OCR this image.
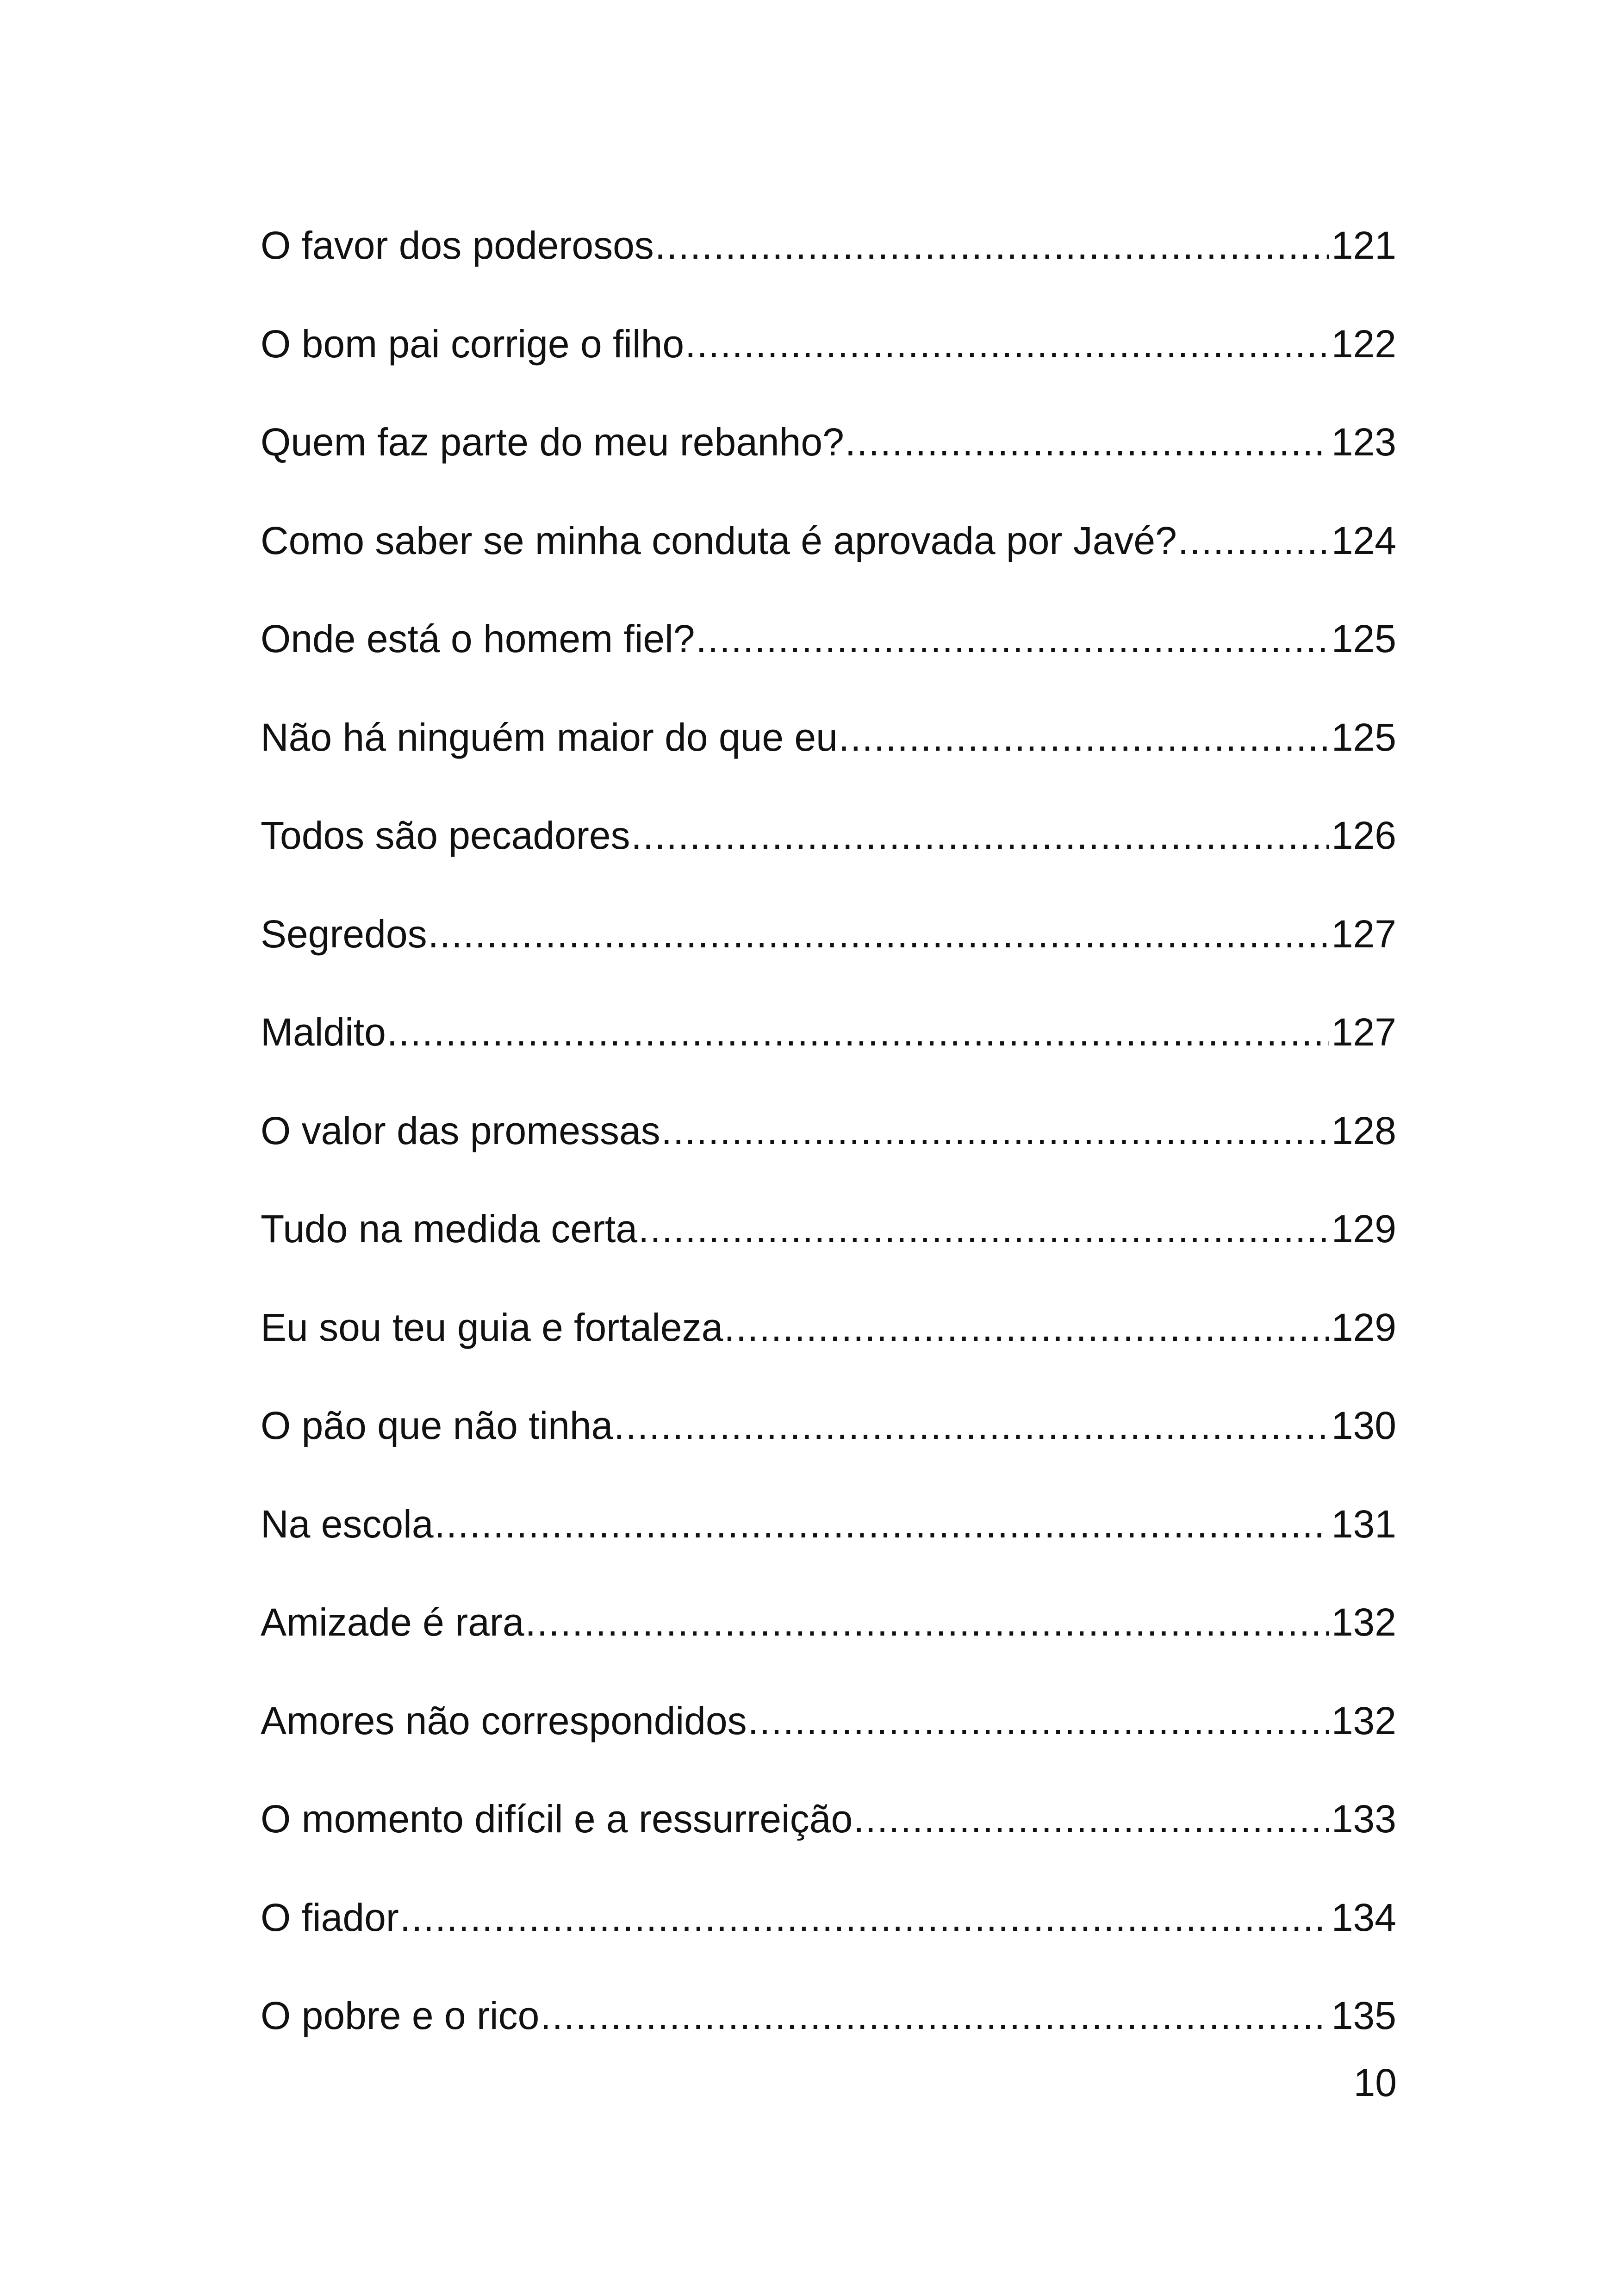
O favor dos poderosos .....	121
O bom pai corrige o filho .....	122
Quem faz parte do meu rebanho? .....	123
Como saber se minha conduta é aprovada por Javé? .....	124
Onde está o homem fiel? .....	125
Não há ninguém maior do que eu .....	125
Todos são pecadores .....	126
Segredos .....	127
Maldito .....	127
O valor das promessas .....	128
Tudo na medida certa .....	129
Eu sou teu guia e fortaleza .....	129
O pão que não tinha .....	130
Na escola .....	131
Amizade é rara .....	132
Amores não correspondidos .....	132
O momento difícil e a ressurreição .....	133
O fiador .....	134
O pobre e o rico .....	135
10
